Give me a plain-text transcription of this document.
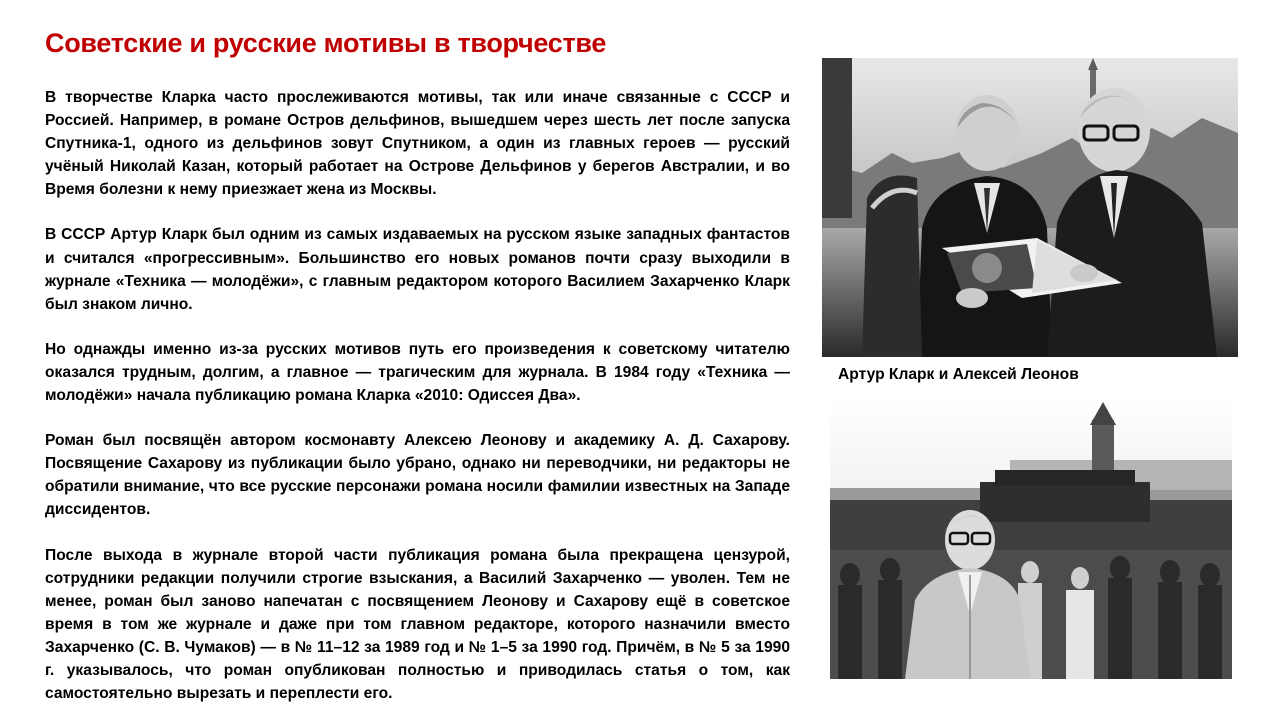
Советские и русские мотивы в творчестве

В творчестве Кларка часто прослеживаются мотивы, так или иначе связанные с СССР и Россией. Например, в романе Остров дельфинов, вышедшем через шесть лет после запуска Спутника-1, одного из дельфинов зовут Спутником, а один из главных героев — русский учёный Николай Казан, который работает на Острове Дельфинов у берегов Австралии, и во Время болезни к нему приезжает жена из Москвы.

В СССР Артур Кларк был одним из самых издаваемых на русском языке западных фантастов и считался «прогрессивным». Большинство его новых романов почти сразу выходили в журнале «Техника — молодёжи», с главным редактором которого Василием Захарченко Кларк был знаком лично.

Но однажды именно из-за русских мотивов путь его произведения к советскому читателю оказался трудным, долгим, а главное — трагическим для журнала. В 1984 году «Техника — молодёжи» начала публикацию романа Кларка «2010: Одиссея Два».

Роман был посвящён автором космонавту Алексею Леонову и академику А. Д. Сахарову. Посвящение Сахарову из публикации было убрано, однако ни переводчики, ни редакторы не обратили внимание, что все русские персонажи романа носили фамилии известных на Западе диссидентов.

После выхода в журнале второй части публикация романа была прекращена цензурой, сотрудники редакции получили строгие взыскания, а Василий Захарченко — уволен. Тем не менее, роман был заново напечатан с посвящением Леонову и Сахарову ещё в советское время в том же журнале и даже при том главном редакторе, которого назначили вместо Захарченко (С. В. Чумаков) — в № 11–12 за 1989 год и № 1–5 за 1990 год. Причём, в № 5 за 1990 г. указывалось, что роман опубликован полностью и приводилась статья о том, как самостоятельно вырезать и переплести его.

Артур Кларк и Алексей Леонов
